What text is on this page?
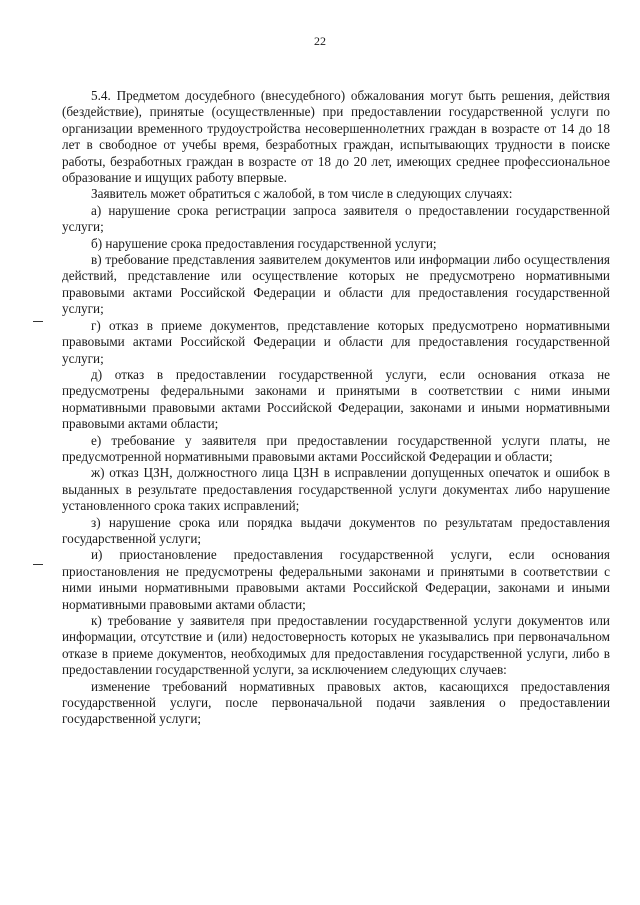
22

5.4. Предметом досудебного (внесудебного) обжалования могут быть решения, действия (бездействие), принятые (осуществленные) при предоставлении государственной услуги по организации временного трудоустройства несовершеннолетних граждан в возрасте от 14 до 18 лет в свободное от учебы время, безработных граждан, испытывающих трудности в поиске работы, безработных граждан в возрасте от 18 до 20 лет, имеющих среднее профессиональное образование и ищущих работу впервые.

Заявитель может обратиться с жалобой, в том числе в следующих случаях:

а) нарушение срока регистрации запроса заявителя о предоставлении государственной услуги;

б) нарушение срока предоставления государственной услуги;

в) требование представления заявителем документов или информации либо осуществления действий, представление или осуществление которых не предусмотрено нормативными правовыми актами Российской Федерации и области для предоставления государственной услуги;

г) отказ в приеме документов, представление которых предусмотрено нормативными правовыми актами Российской Федерации и области для предоставления государственной услуги;

д) отказ в предоставлении государственной услуги, если основания отказа не предусмотрены федеральными законами и принятыми в соответствии с ними иными нормативными правовыми актами Российской Федерации, законами и иными нормативными правовыми актами области;

е) требование у заявителя при предоставлении государственной услуги платы, не предусмотренной нормативными правовыми актами Российской Федерации и области;

ж) отказ ЦЗН, должностного лица ЦЗН в исправлении допущенных опечаток и ошибок в выданных в результате предоставления государственной услуги документах либо нарушение установленного срока таких исправлений;

з) нарушение срока или порядка выдачи документов по результатам предоставления государственной услуги;

и) приостановление предоставления государственной услуги, если основания приостановления не предусмотрены федеральными законами и принятыми в соответствии с ними иными нормативными правовыми актами Российской Федерации, законами и иными нормативными правовыми актами области;

к) требование у заявителя при предоставлении государственной услуги документов или информации, отсутствие и (или) недостоверность которых не указывались при первоначальном отказе в приеме документов, необходимых для предоставления государственной услуги, либо в предоставлении государственной услуги, за исключением следующих случаев:

изменение требований нормативных правовых актов, касающихся предоставления государственной услуги, после первоначальной подачи заявления о предоставлении государственной услуги;
